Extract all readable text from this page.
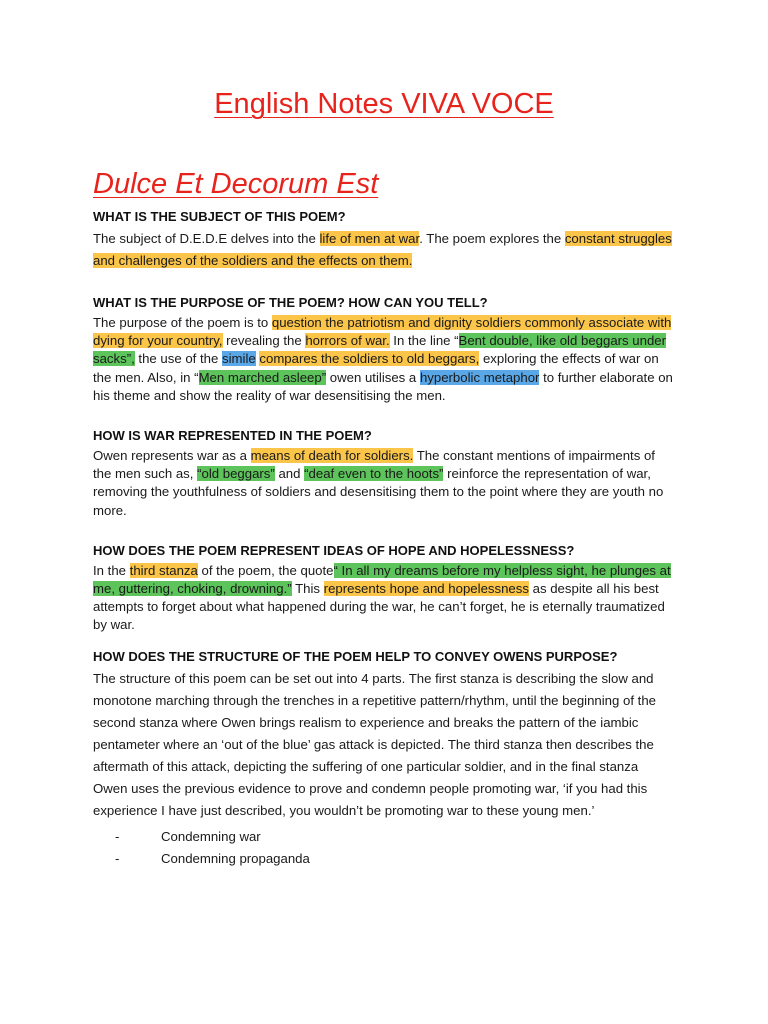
English Notes VIVA VOCE
Dulce Et Decorum Est

WHAT IS THE SUBJECT OF THIS POEM?

The subject of D.E.D.E delves into the life of men at war. The poem explores the constant struggles and challenges of the soldiers and the effects on them.

WHAT IS THE PURPOSE OF THE POEM? HOW CAN YOU TELL?

The purpose of the poem is to question the patriotism and dignity soldiers commonly associate with dying for your country, revealing the horrors of war. In the line “Bent double, like old beggars under sacks”, the use of the simile compares the soldiers to old beggars, exploring the effects of war on the men. Also, in “Men marched asleep” owen utilises a hyperbolic metaphor to further elaborate on his theme and show the reality of war desensitising the men.

HOW IS WAR REPRESENTED IN THE POEM?

Owen represents war as a means of death for soldiers. The constant mentions of impairments of the men such as, “old beggars” and “deaf even to the hoots” reinforce the representation of war, removing the youthfulness of soldiers and desensitising them to the point where they are youth no more.

HOW DOES THE POEM REPRESENT IDEAS OF HOPE AND HOPELESSNESS?

In the third stanza of the poem, the quote“ In all my dreams before my helpless sight, he plunges at me, guttering, choking, drowning.” This represents hope and hopelessness as despite all his best attempts to forget about what happened during the war, he can’t forget, he is eternally traumatized by war.

HOW DOES THE STRUCTURE OF THE POEM HELP TO CONVEY OWENS PURPOSE?

The structure of this poem can be set out into 4 parts. The first stanza is describing the slow and monotone marching through the trenches in a repetitive pattern/rhythm, until the beginning of the second stanza where Owen brings realism to experience and breaks the pattern of the iambic pentameter where an ‘out of the blue’ gas attack is depicted. The third stanza then describes the aftermath of this attack, depicting the suffering of one particular soldier, and in the final stanza Owen uses the previous evidence to prove and condemn people promoting war, ‘if you had this experience I have just described, you wouldn’t be promoting war to these young men.’

-	Condemning war
-	Condemning propaganda
